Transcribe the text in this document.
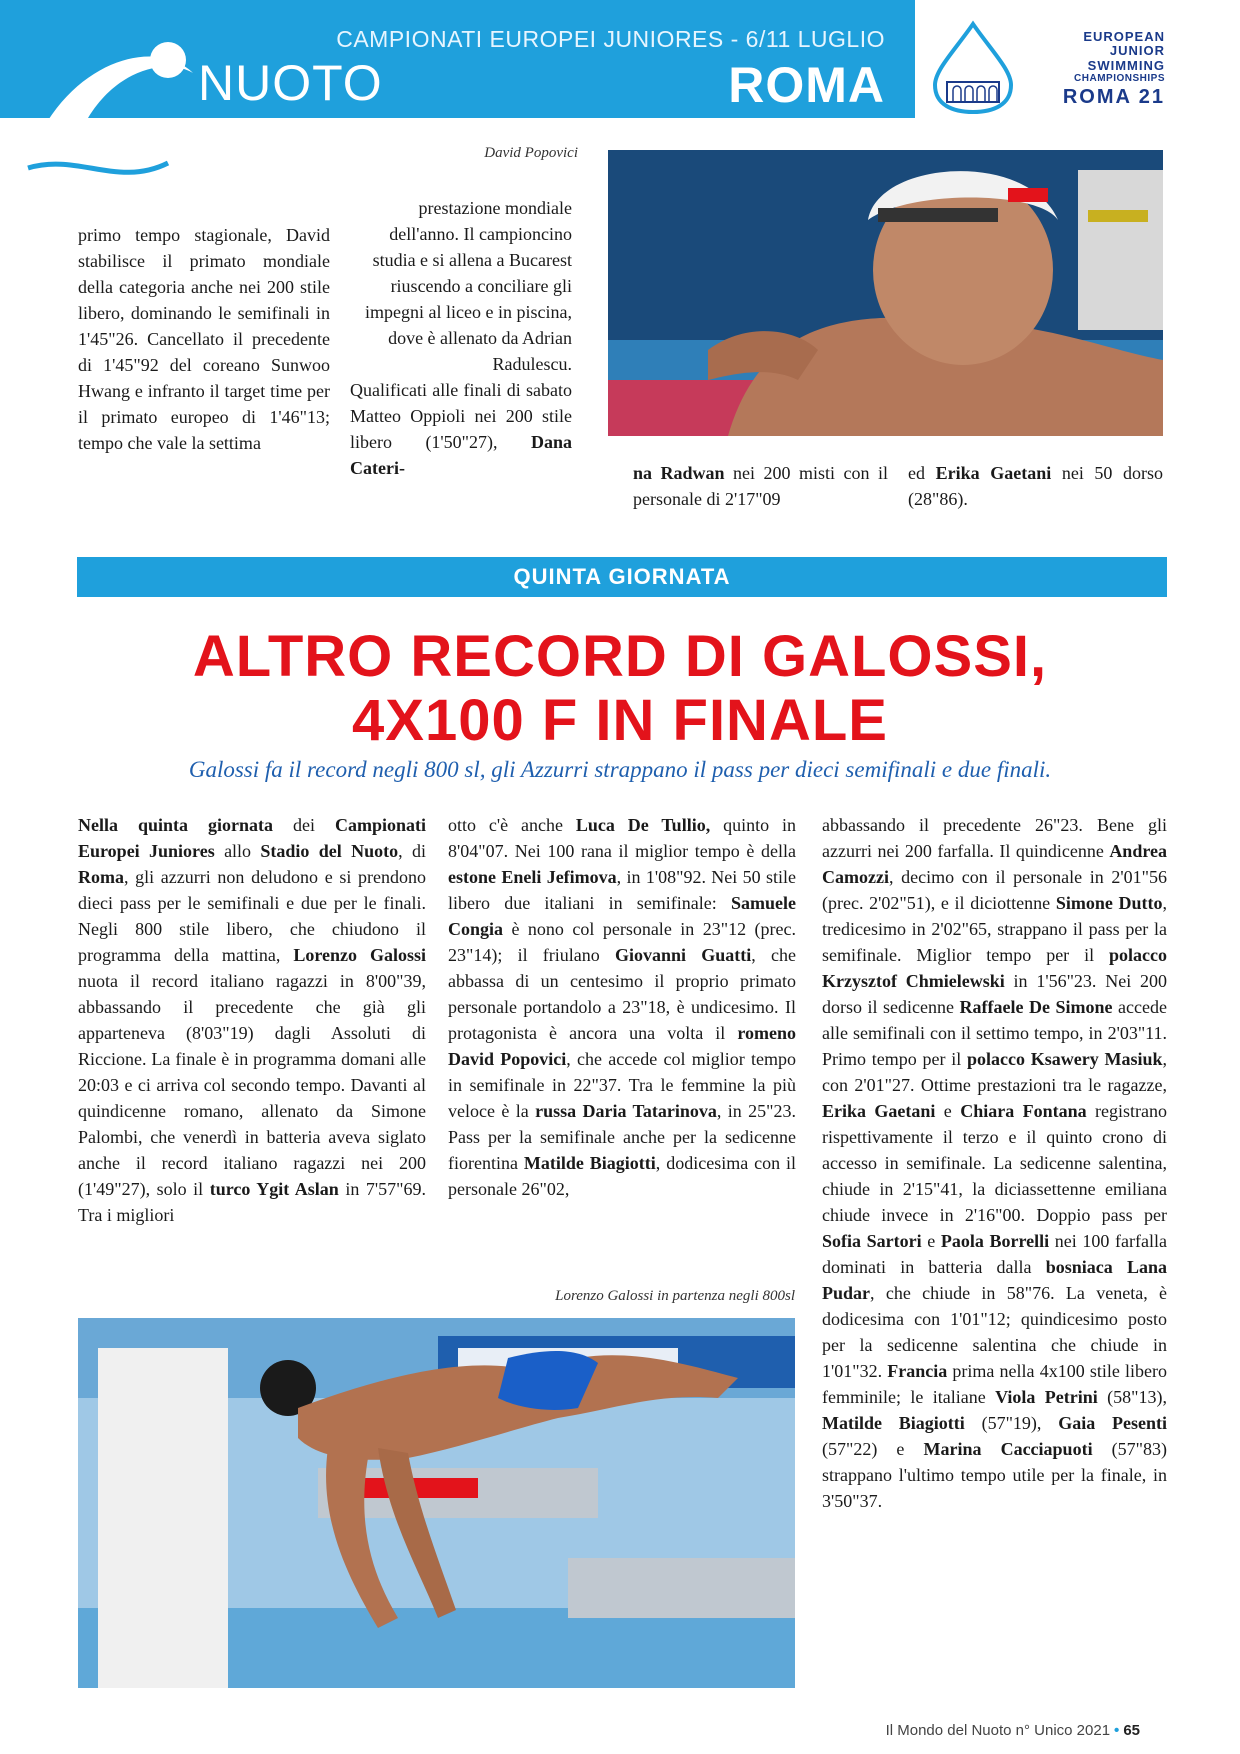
NUOTO
CAMPIONATI EUROPEI JUNIORES - 6/11 LUGLIO
ROMA
EUROPEAN
JUNIOR
SWIMMING
CHAMPIONSHIPS
ROMA 21
David Popovici
primo tempo stagionale, David stabilisce il primato mondiale della categoria anche nei 200 stile libero, dominando le semifinali in 1'45"26. Cancellato il precedente di 1'45"92 del coreano Sunwoo Hwang e infranto il target time per il primato europeo di 1'46"13; tempo che vale la settima
prestazione mondiale dell'anno. Il campioncino studia e si allena a Bucarest riuscendo a conciliare gli impegni al liceo e in piscina, dove è allenato da Adrian Radulescu.
Qualificati alle finali di sabato Matteo Oppioli nei 200 stile libero (1'50"27), Dana Cateri-	na Radwan nei 200 misti con il personale di 2'17"09
ed Erika Gaetani nei 50 dorso (28"86).
QUINTA GIORNATA
ALTRO RECORD DI GALOSSI,
4X100 F IN FINALE
Galossi fa il record negli 800 sl, gli Azzurri strappano il pass per dieci semifinali e due finali.
Nella quinta giornata dei Campionati Europei Juniores allo Stadio del Nuoto, di Roma, gli azzurri non deludono e si prendono dieci pass per le semifinali e due per le finali. Negli 800 stile libero, che chiudono il programma della mattina, Lorenzo Galossi nuota il record italiano ragazzi in 8'00"39, abbassando il precedente che già gli apparteneva (8'03"19) dagli Assoluti di Riccione. La finale è in programma domani alle 20:03 e ci arriva col secondo tempo. Davanti al quindicenne romano, allenato da Simone Palombi, che venerdì in batteria aveva siglato anche il record italiano ragazzi nei 200 (1'49"27), solo il turco Ygit Aslan in 7'57"69. Tra i migliori
otto c'è anche Luca De Tullio, quinto in 8'04"07. Nei 100 rana il miglior tempo è della estone Eneli Jefimova, in 1'08"92. Nei 50 stile libero due italiani in semifinale: Samuele Congia è nono col personale in 23"12 (prec. 23"14); il friulano Giovanni Guatti, che abbassa di un centesimo il proprio primato personale portandolo a 23"18, è undicesimo. Il protagonista è ancora una volta il romeno David Popovici, che accede col miglior tempo in semifinale in 22"37. Tra le femmine la più veloce è la russa Daria Tatarinova, in 25"23. Pass per la semifinale anche per la sedicenne fiorentina Matilde Biagiotti, dodicesima con il personale 26"02,
abbassando il precedente 26"23. Bene gli azzurri nei 200 farfalla. Il quindicenne Andrea Camozzi, decimo con il personale in 2'01"56 (prec. 2'02"51), e il diciottenne Simone Dutto, tredicesimo in 2'02"65, strappano il pass per la semifinale. Miglior tempo per il polacco Krzysztof Chmielewski in 1'56"23. Nei 200 dorso il sedicenne Raffaele De Simone accede alle semifinali con il settimo tempo, in 2'03"11. Primo tempo per il polacco Ksawery Masiuk, con 2'01"27. Ottime prestazioni tra le ragazze, Erika Gaetani e Chiara Fontana registrano rispettivamente il terzo e il quinto crono di accesso in semifinale. La sedicenne salentina, chiude in 2'15"41, la diciassettenne emiliana chiude invece in 2'16"00. Doppio pass per Sofia Sartori e Paola Borrelli nei 100 farfalla dominati in batteria dalla bosniaca Lana Pudar, che chiude in 58"76. La veneta, è dodicesima con 1'01"12; quindicesimo posto per la sedicenne salentina che chiude in 1'01"32. Francia prima nella 4x100 stile libero femminile; le italiane Viola Petrini (58"13), Matilde Biagiotti (57"19), Gaia Pesenti (57"22) e Marina Cacciapuoti (57"83) strappano l'ultimo tempo utile per la finale, in 3'50"37.
Lorenzo Galossi in partenza negli 800sl
Il Mondo del Nuoto n° Unico 2021 • 65
